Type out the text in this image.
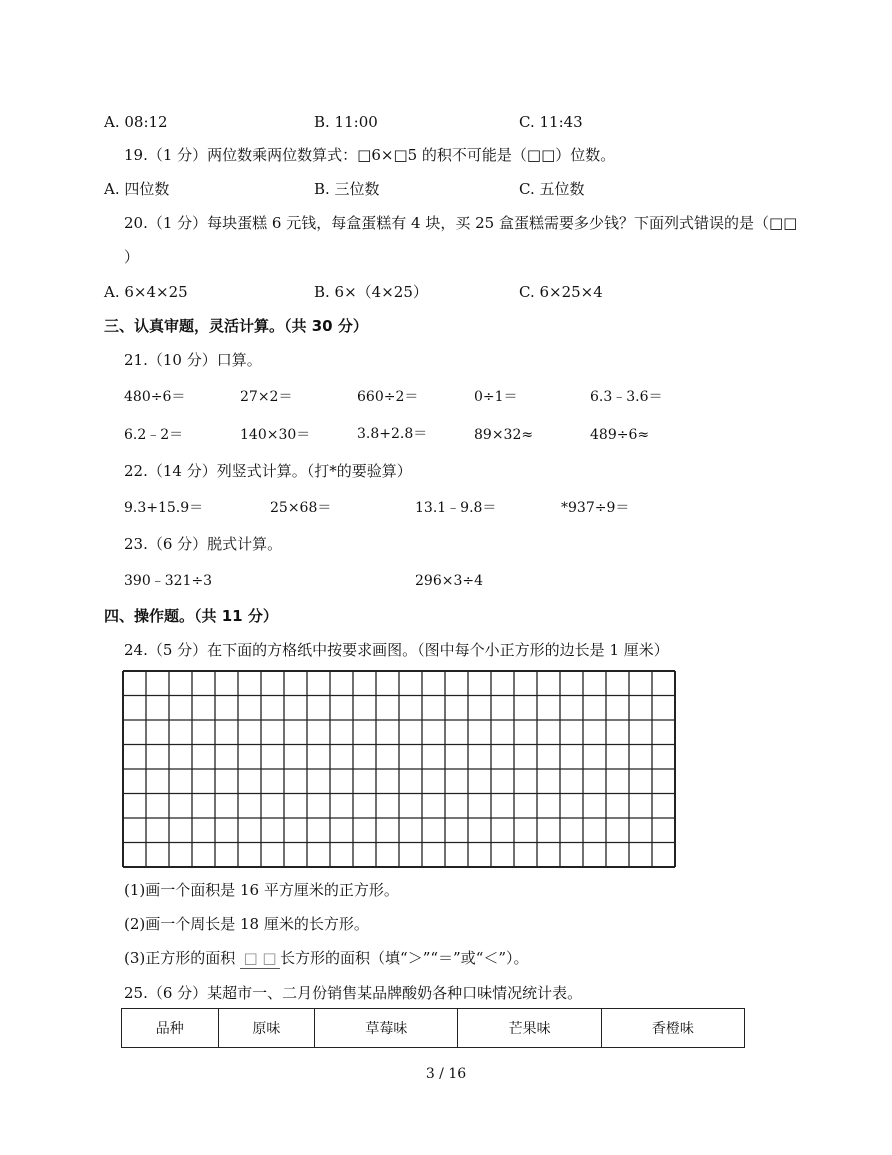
A. 08:12	B. 11:00	C. 11:43
19.（1 分）两位数乘两位数算式：□6×□5 的积不可能是（□□）位数。
A. 四位数	B. 三位数	C. 五位数
20.（1 分）每块蛋糕 6 元钱，每盒蛋糕有 4 块，买 25 盒蛋糕需要多少钱？下面列式错误的是（□□
）
A. 6×4×25	B. 6×（4×25）	C. 6×25×4
三、认真审题，灵活计算。（共 30 分）
21.（10 分）口算。
480÷6＝	27×2＝	660÷2＝	0÷1＝	6.3﹣3.6＝
6.2﹣2＝	140×30＝	3.8+2.8＝	89×32≈	489÷6≈
22.（14 分）列竖式计算。（打*的要验算）
9.3+15.9＝	25×68＝	13.1﹣9.8＝	*937÷9＝
23.（6 分）脱式计算。
390﹣321÷3	296×3÷4
四、操作题。（共 11 分）
24.（5 分）在下面的方格纸中按要求画图。（图中每个小正方形的边长是 1 厘米）
(1)画一个面积是 16 平方厘米的正方形。
(2)画一个周长是 18 厘米的长方形。
(3)正方形的面积 □ □ 长方形的面积（填“＞”“＝”或“＜”）。
25.（6 分）某超市一、二月份销售某品牌酸奶各种口味情况统计表。
品种	原味	草莓味	芒果味	香橙味
3 / 16
